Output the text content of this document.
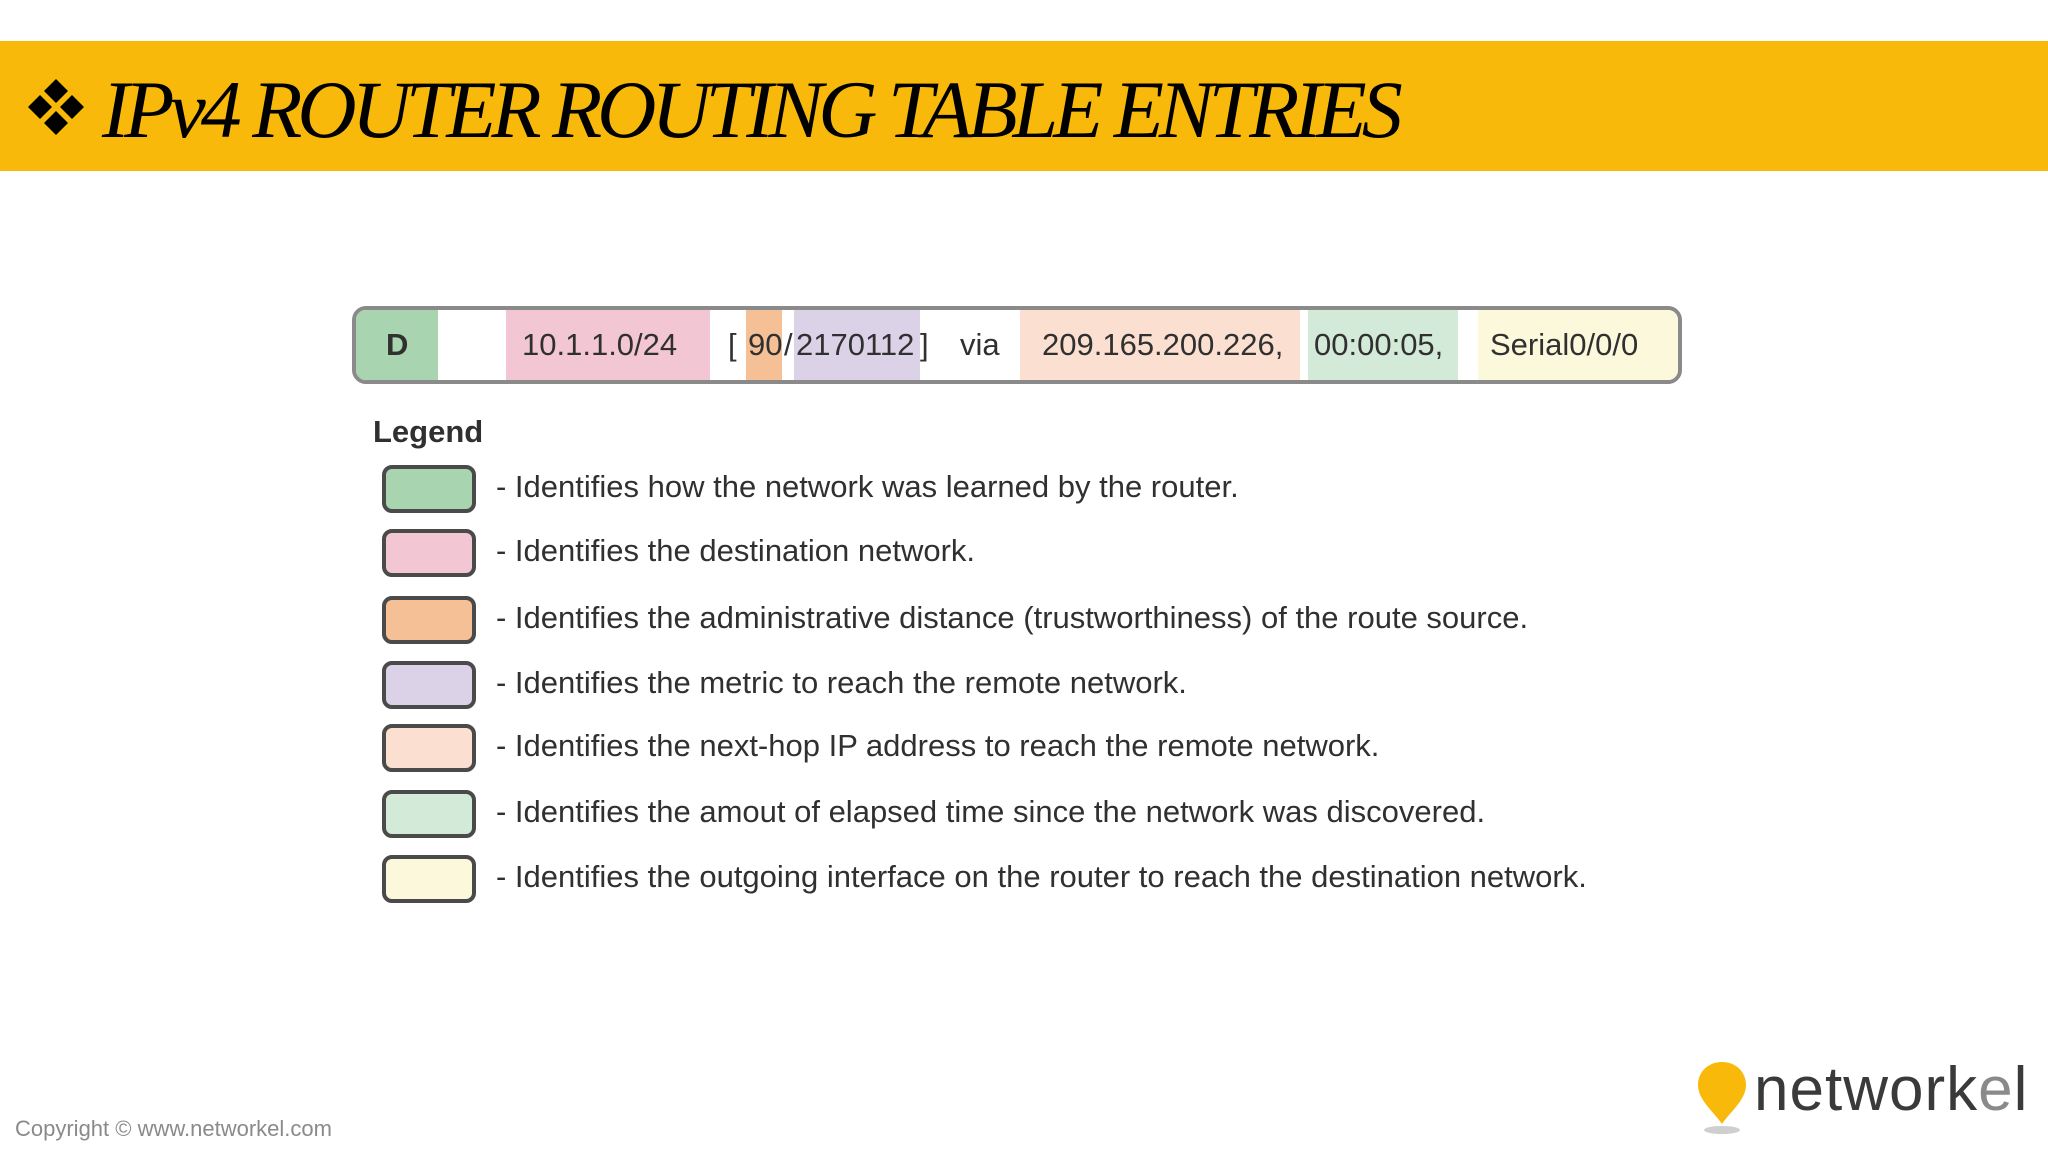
IPv4 ROUTER ROUTING TABLE ENTRIES
D	10.1.1.0/24 [ 90 / 2170112 ] via 209.165.200.226, 00:00:05, Serial0/0/0
Legend
- Identifies how the network was learned by the router.
- Identifies the destination network.
- Identifies the administrative distance (trustworthiness) of the route source.
- Identifies the metric to reach the remote network.
- Identifies the next-hop IP address to reach the remote network.
- Identifies the amout of elapsed time since the network was discovered.
- Identifies the outgoing interface on the router to reach the destination network.
Copyright © www.networkel.com
networkel
